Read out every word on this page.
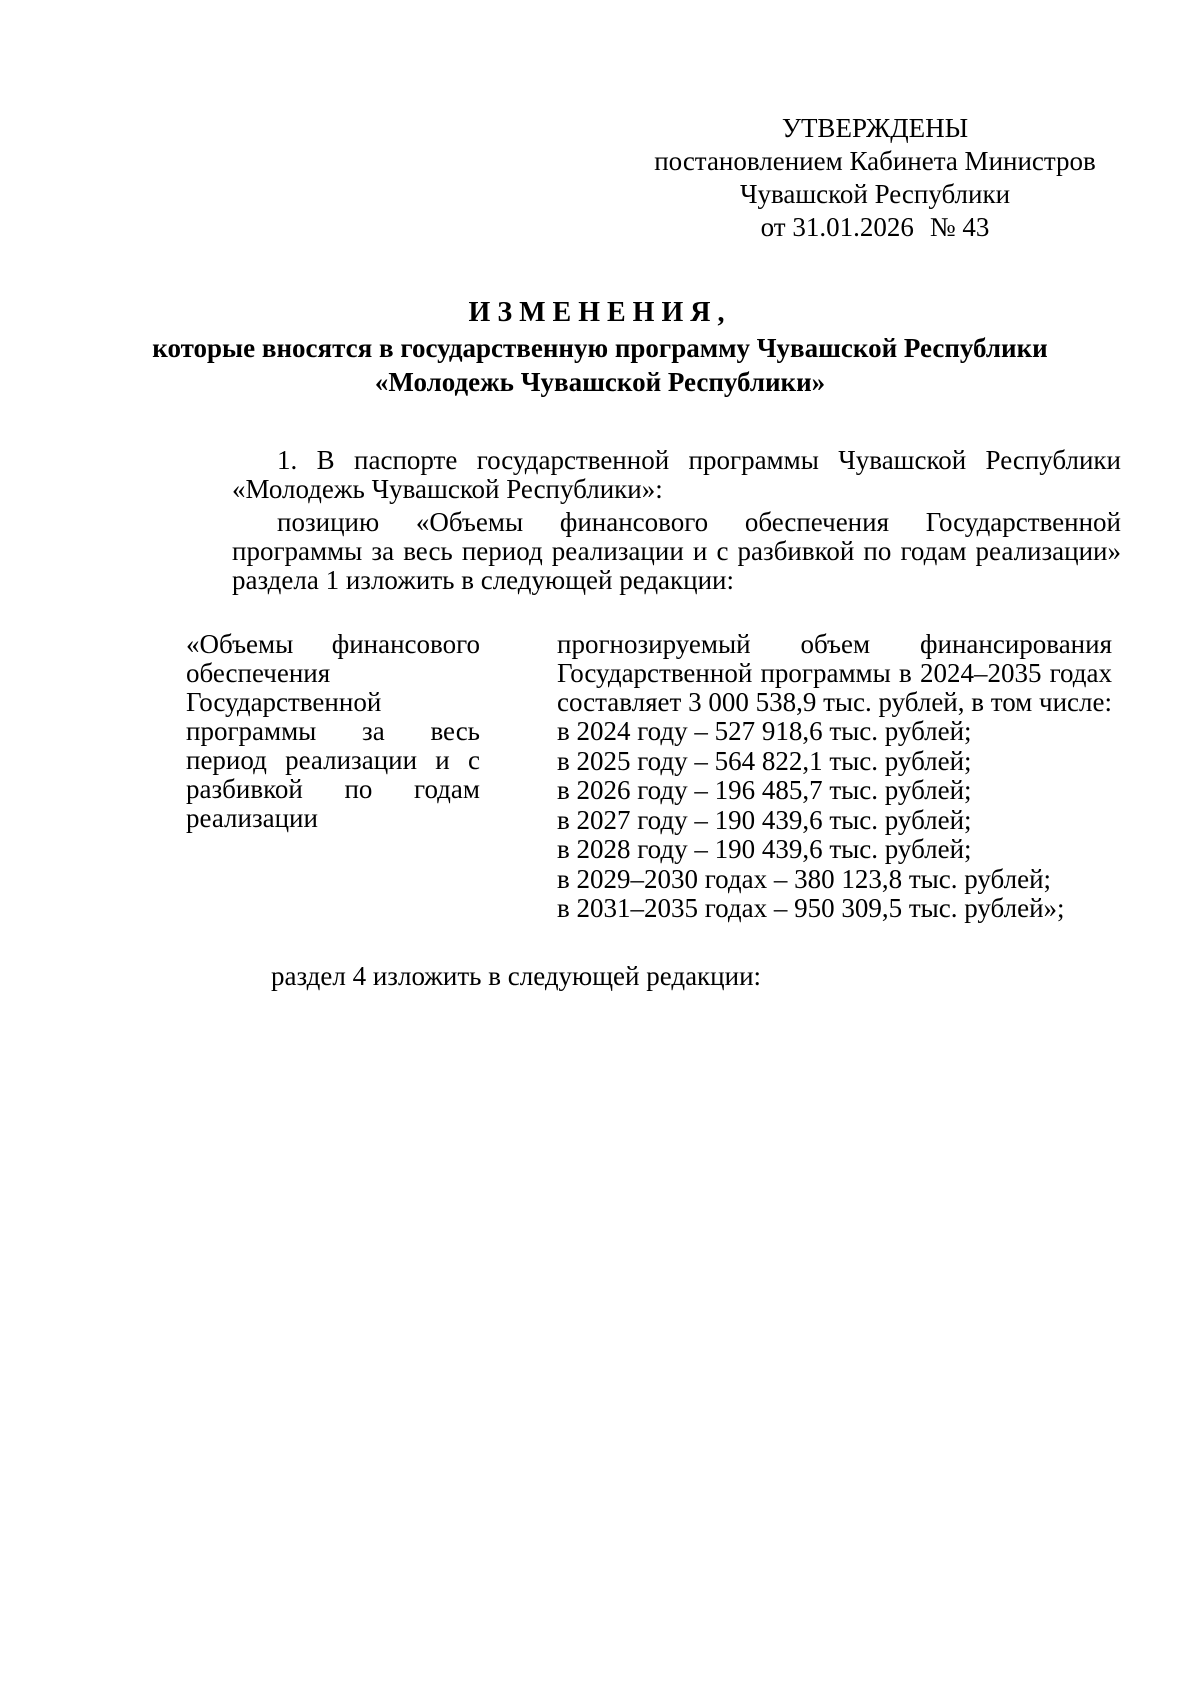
УТВЕРЖДЕНЫ
постановлением Кабинета Министров
Чувашской Республики
от 31.01.2026 № 43
ИЗМЕНЕНИЯ,
которые вносятся в государственную программу Чувашской Республики
«Молодежь Чувашской Республики»
1. В паспорте государственной программы Чувашской Республики «Молодежь Чувашской Республики»:
позицию «Объемы финансового обеспечения Государственной программы за весь период реализации и с разбивкой по годам реализации» раздела 1 изложить в следующей редакции:
«Объемы финансового обеспечения Государственной программы за весь период реализации и с разбивкой по годам реализации
прогнозируемый объем финансирования Государственной программы в 2024–2035 годах составляет 3 000 538,9 тыс. рублей, в том числе:
в 2024 году – 527 918,6 тыс. рублей;
в 2025 году – 564 822,1 тыс. рублей;
в 2026 году – 196 485,7 тыс. рублей;
в 2027 году – 190 439,6 тыс. рублей;
в 2028 году – 190 439,6 тыс. рублей;
в 2029–2030 годах – 380 123,8 тыс. рублей;
в 2031–2035 годах – 950 309,5 тыс. рублей»;
раздел 4 изложить в следующей редакции:
